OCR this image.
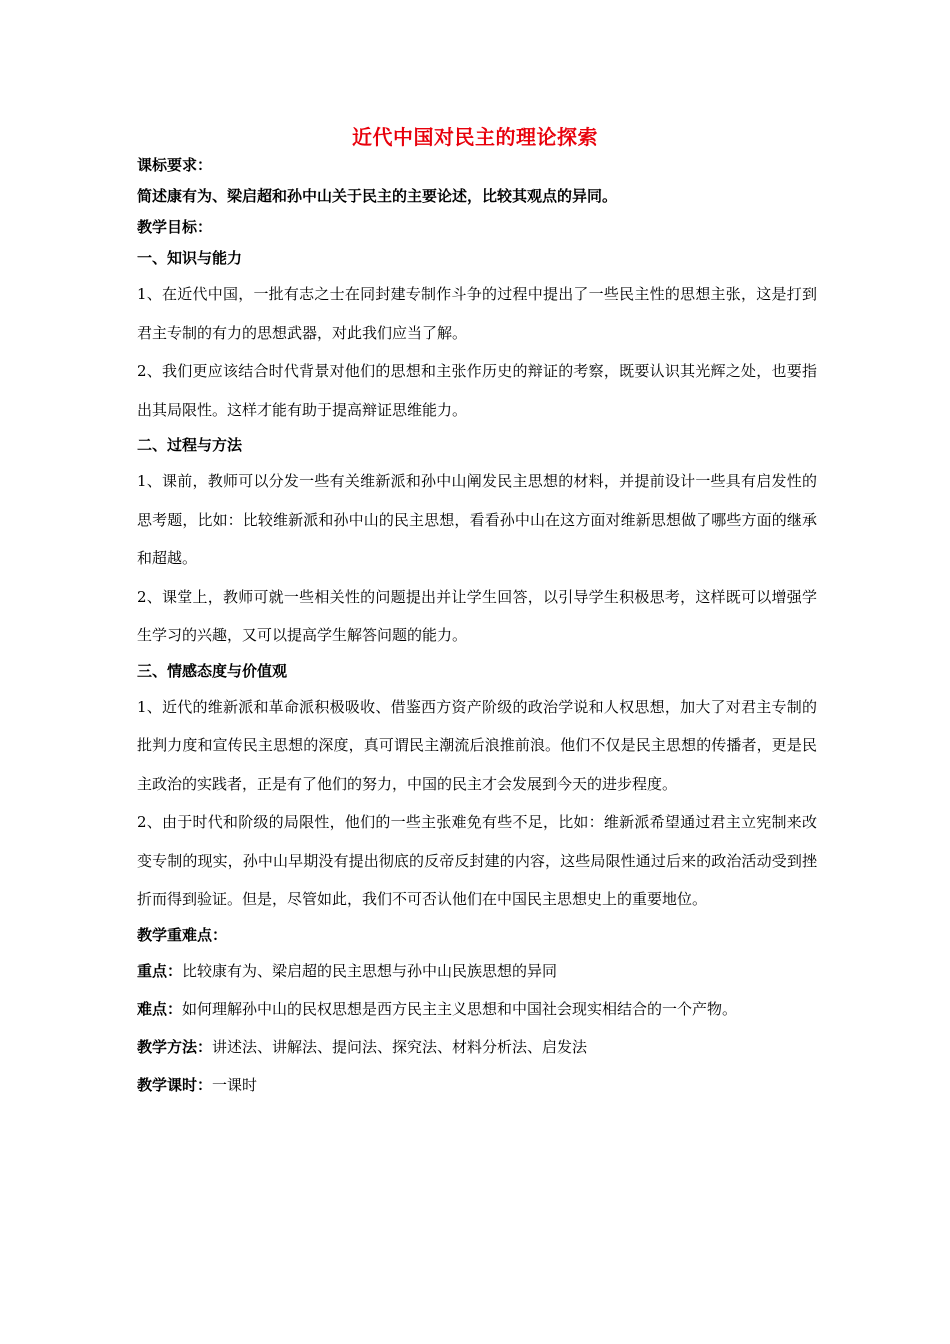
近代中国对民主的理论探索
课标要求：
简述康有为、梁启超和孙中山关于民主的主要论述，比较其观点的异同。
教学目标：
一、知识与能力

1、在近代中国，一批有志之士在同封建专制作斗争的过程中提出了一些民主性的思想主张，这是打到君主专制的有力的思想武器，对此我们应当了解。

2、我们更应该结合时代背景对他们的思想和主张作历史的辩证的考察，既要认识其光辉之处，也要指出其局限性。这样才能有助于提高辩证思维能力。

二、过程与方法

1、课前，教师可以分发一些有关维新派和孙中山阐发民主思想的材料，并提前设计一些具有启发性的思考题，比如：比较维新派和孙中山的民主思想，看看孙中山在这方面对维新思想做了哪些方面的继承和超越。

2、课堂上，教师可就一些相关性的问题提出并让学生回答，以引导学生积极思考，这样既可以增强学生学习的兴趣，又可以提高学生解答问题的能力。

三、情感态度与价值观

1、近代的维新派和革命派积极吸收、借鉴西方资产阶级的政治学说和人权思想，加大了对君主专制的批判力度和宣传民主思想的深度，真可谓民主潮流后浪推前浪。他们不仅是民主思想的传播者，更是民主政治的实践者，正是有了他们的努力，中国的民主才会发展到今天的进步程度。

2、由于时代和阶级的局限性，他们的一些主张难免有些不足，比如：维新派希望通过君主立宪制来改变专制的现实，孙中山早期没有提出彻底的反帝反封建的内容，这些局限性通过后来的政治活动受到挫折而得到验证。但是，尽管如此，我们不可否认他们在中国民主思想史上的重要地位。

教学重难点：

重点：比较康有为、梁启超的民主思想与孙中山民族思想的异同

难点：如何理解孙中山的民权思想是西方民主主义思想和中国社会现实相结合的一个产物。

教学方法：讲述法、讲解法、提问法、探究法、材料分析法、启发法

教学课时：一课时
